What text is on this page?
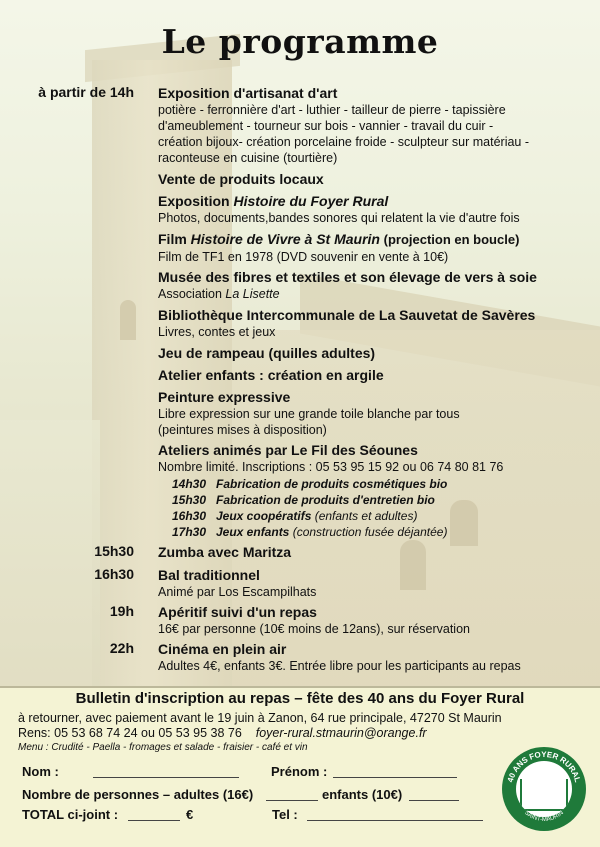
Le programme
à partir de 14h Exposition d'artisanat d'art
potière - ferronnière d'art - luthier - tailleur de pierre - tapissière
d'ameublement - tourneur sur bois - vannier - travail du cuir -
création bijoux- création porcelaine froide - sculpteur sur matériau -
raconteuse en cuisine (tourtière)
Vente de produits locaux
Exposition Histoire du Foyer Rural
Photos, documents,bandes sonores qui relatent la vie d'autre fois
Film Histoire de Vivre à St Maurin (projection en boucle)
Film de TF1 en 1978 (DVD souvenir en vente à 10€)
Musée des fibres et textiles et son élevage de vers à soie
Association La Lisette
Bibliothèque Intercommunale de La Sauvetat de Savères
Livres, contes et jeux
Jeu de rampeau (quilles adultes)
Atelier enfants : création en argile
Peinture expressive
Libre expression sur une grande toile blanche par tous
(peintures mises à disposition)
Ateliers animés par Le Fil des Séounes
Nombre limité. Inscriptions : 05 53 95 15 92 ou 06 74 80 81 76
14h30 Fabrication de produits cosmétiques bio
15h30 Fabrication de produits d'entretien bio
16h30 Jeux coopératifs (enfants et adultes)
17h30 Jeux enfants (construction fusée déjantée)
15h30 Zumba avec Maritza
16h30 Bal traditionnel
Animé par Los Escampilhats
19h Apéritif suivi d'un repas
16€ par personne (10€ moins de 12ans), sur réservation
22h Cinéma en plein air
Adultes 4€, enfants 3€. Entrée libre pour les participants au repas
Bulletin d'inscription au repas – fête des 40 ans du Foyer Rural
à retourner, avec paiement avant le 19 juin à Zanon, 64 rue principale, 47270 St Maurin
Rens: 05 53 68 74 24 ou 05 53 95 38 76 foyer-rural.stmaurin@orange.fr
Menu : Crudité - Paella - fromages et salade - fraisier - café et vin
Nom :	Prénom :
Nombre de personnes – adultes (16€)	enfants (10€)
TOTAL ci-joint :	€	Tel :
40 ANS FOYER RURAL
SAINT-MAURIN
